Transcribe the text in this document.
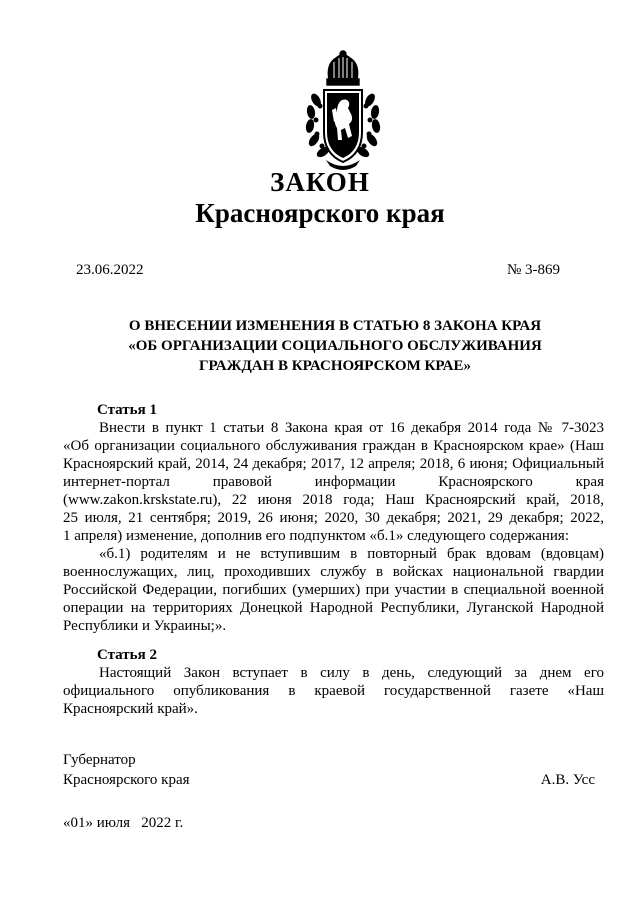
ЗАКОН
Красноярского края
23.06.2022	№ 3-869
О ВНЕСЕНИИ ИЗМЕНЕНИЯ В СТАТЬЮ 8 ЗАКОНА КРАЯ
«ОБ ОРГАНИЗАЦИИ СОЦИАЛЬНОГО ОБСЛУЖИВАНИЯ
ГРАЖДАН В КРАСНОЯРСКОМ КРАЕ»
Статья 1
Внести в пункт 1 статьи 8 Закона края от 16 декабря 2014 года № 7-3023
«Об организации социального обслуживания граждан в Красноярском крае» (Наш
Красноярский край, 2014, 24 декабря; 2017, 12 апреля; 2018, 6 июня; Официальный
интернет-портал правовой информации Красноярского края
(www.zakon.krskstate.ru), 22 июня 2018 года; Наш Красноярский край, 2018,
25 июля, 21 сентября; 2019, 26 июня; 2020, 30 декабря; 2021, 29 декабря; 2022,
1 апреля) изменение, дополнив его подпунктом «б.1» следующего содержания:
«б.1) родителям и не вступившим в повторный брак вдовам (вдовцам)
военнослужащих, лиц, проходивших службу в войсках национальной гвардии
Российской Федерации, погибших (умерших) при участии в специальной военной
операции на территориях Донецкой Народной Республики, Луганской Народной
Республики и Украины;».
Статья 2
Настоящий Закон вступает в силу в день, следующий за днем его
официального опубликования в краевой государственной газете «Наш
Красноярский край».
Губернатор
Красноярского края	А.В. Усс
«01» июля   2022 г.
